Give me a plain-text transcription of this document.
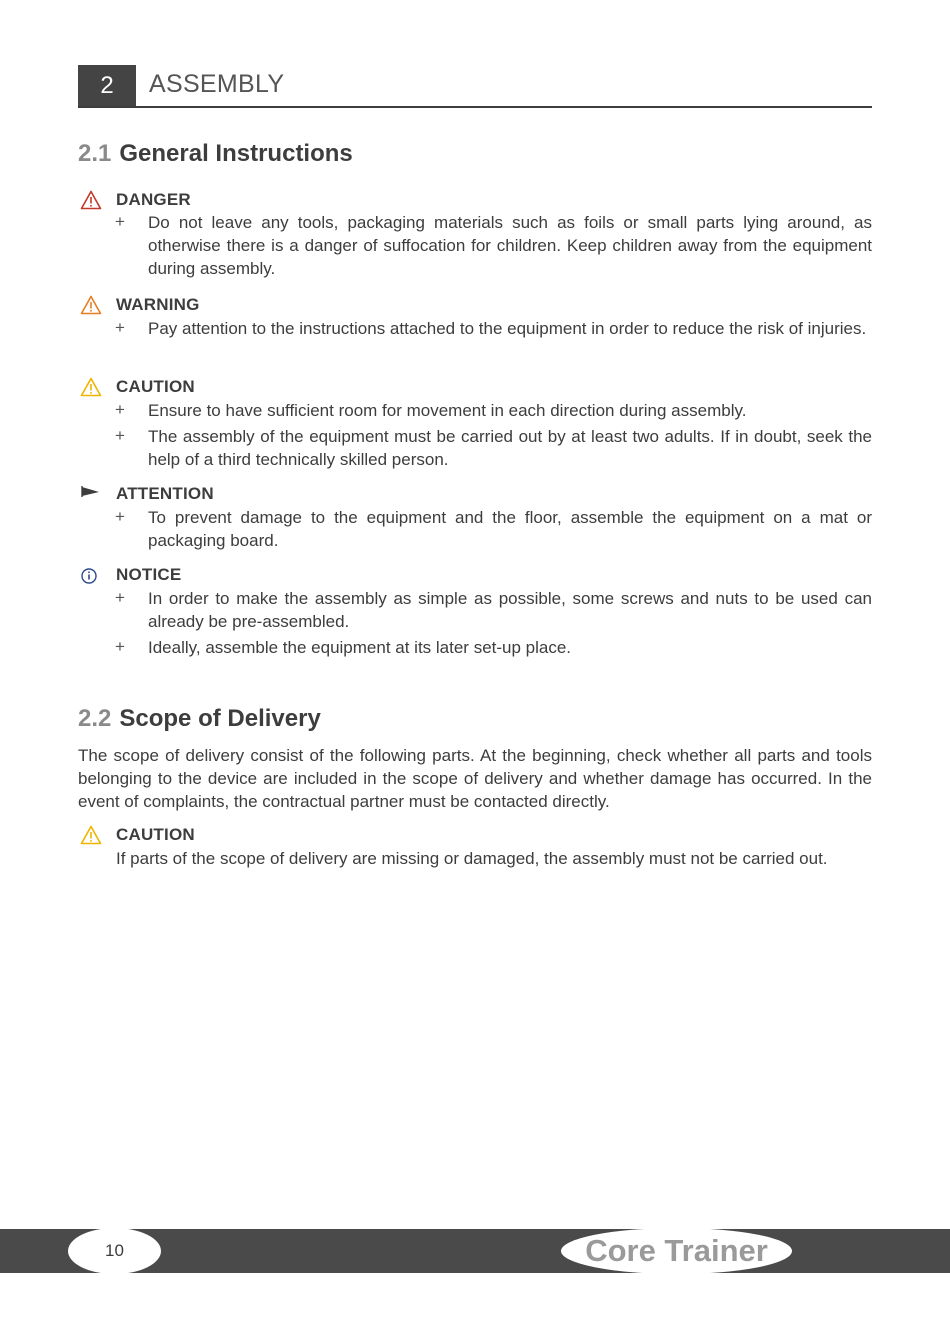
2	ASSEMBLY
2.1 General Instructions
DANGER
+ Do not leave any tools, packaging materials such as foils or small parts lying around, as otherwise there is a danger of suffocation for children. Keep children away from the equipment during assembly.
WARNING
+ Pay attention to the instructions attached to the equipment in order to reduce the risk of injuries.
CAUTION
+ Ensure to have sufficient room for movement in each direction during assembly.
+ The assembly of the equipment must be carried out by at least two adults. If in doubt, seek the help of a third technically skilled person.
ATTENTION
+ To prevent damage to the equipment and the floor, assemble the equipment on a mat or packaging board.
NOTICE
+ In order to make the assembly as simple as possible, some screws and nuts to be used can already be pre-assembled.
+ Ideally, assemble the equipment at its later set-up place.
2.2 Scope of Delivery
The scope of delivery consist of the following parts. At the beginning, check whether all parts and tools belonging to the device are included in the scope of delivery and whether damage has occurred. In the event of complaints, the contractual partner must be contacted directly.
CAUTION
If parts of the scope of delivery are missing or damaged, the assembly must not be carried out.
10	Core Trainer
